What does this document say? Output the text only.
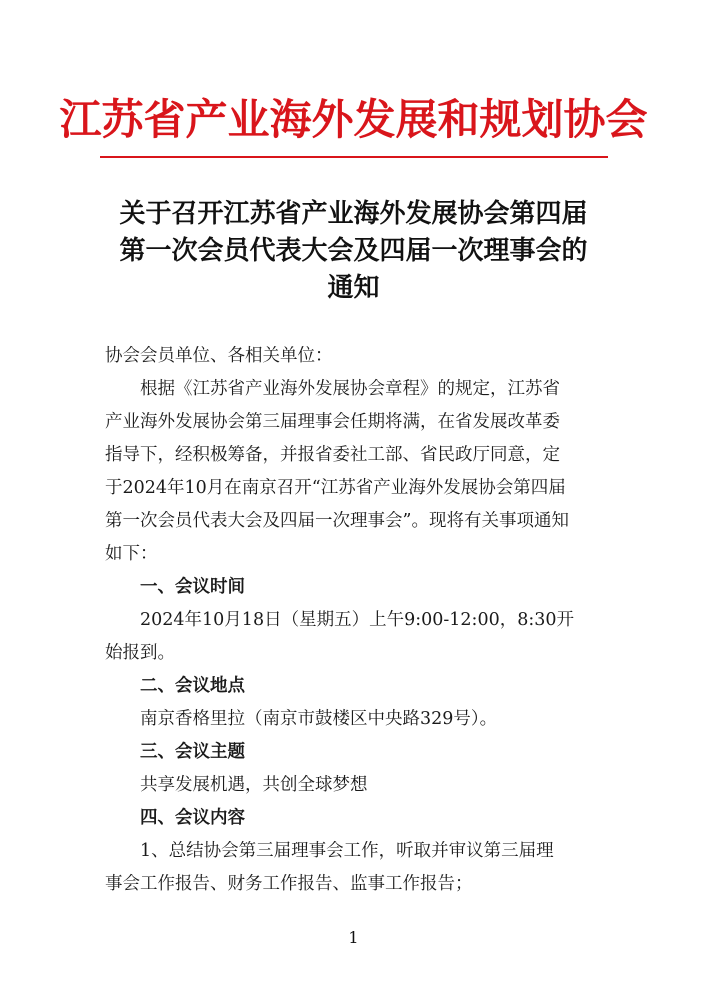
江苏省产业海外发展和规划协会
关于召开江苏省产业海外发展协会第四届
第一次会员代表大会及四届一次理事会的
通知

协会会员单位、各相关单位：

根据《江苏省产业海外发展协会章程》的规定，江苏省

产业海外发展协会第三届理事会任期将满，在省发展改革委

指导下，经积极筹备，并报省委社工部、省民政厅同意，定

于2024年10月在南京召开“江苏省产业海外发展协会第四届

第一次会员代表大会及四届一次理事会”。现将有关事项通知

如下：

一、会议时间

2024年10月18日（星期五）上午9:00-12:00，8:30开

始报到。

二、会议地点

南京香格里拉（南京市鼓楼区中央路329号）。

三、会议主题

共享发展机遇，共创全球梦想

四、会议内容

1、总结协会第三届理事会工作，听取并审议第三届理

事会工作报告、财务工作报告、监事工作报告；

1
